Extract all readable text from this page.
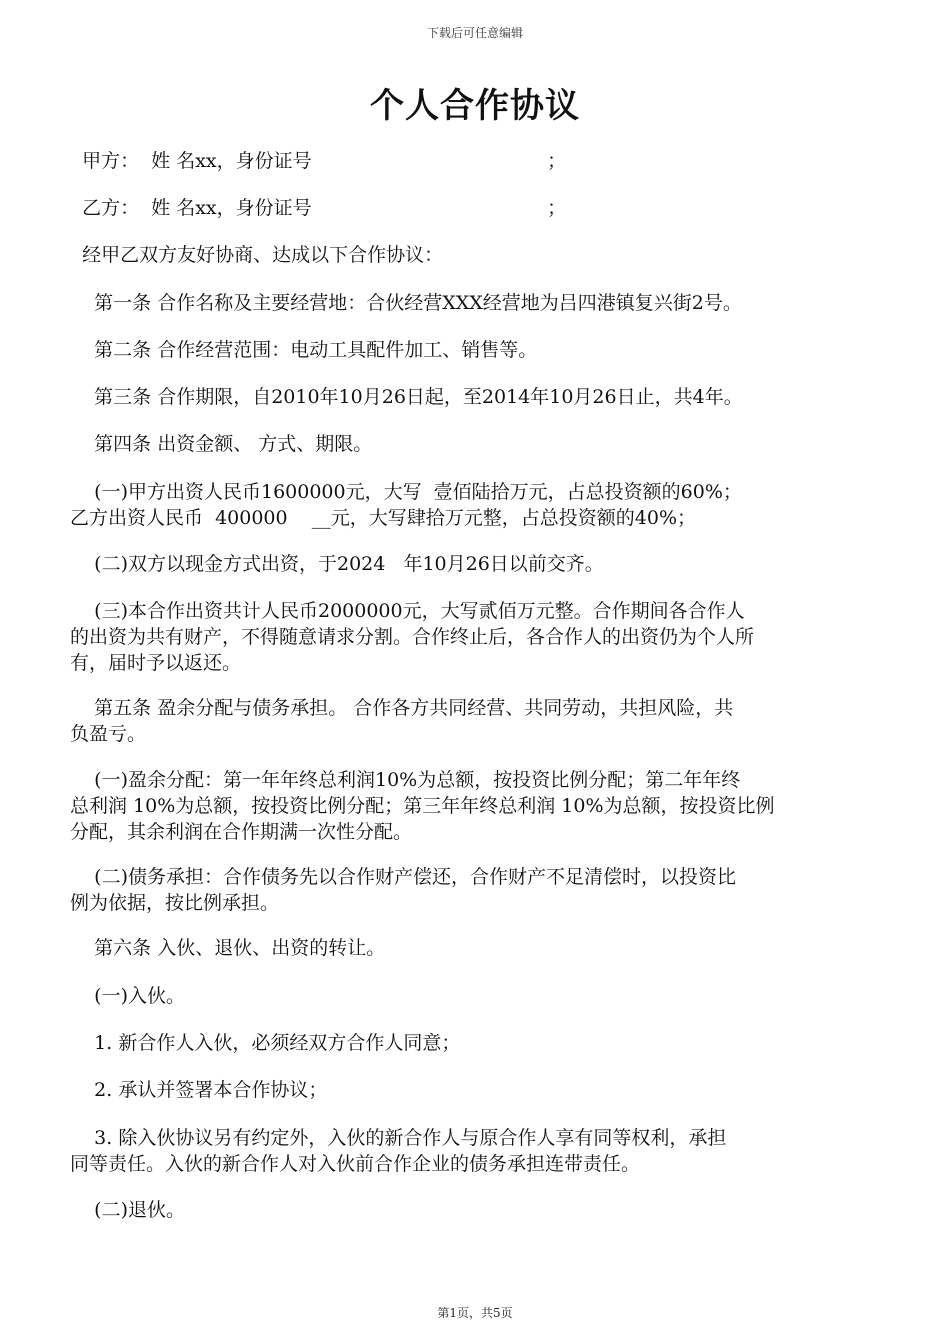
下载后可任意编辑
个人合作协议
甲方：  姓 名xx，身份证号                                       ；
乙方：  姓 名xx，身份证号                                       ；
经甲乙双方友好协商、达成以下合作协议：
第一条 合作名称及主要经营地：合伙经营XXX经营地为吕四港镇复兴街2号。
第二条 合作经营范围：电动工具配件加工、销售等。
第三条 合作期限，自2010年10月26日起，至2014年10月26日止，共4年。
第四条 出资金额、 方式、期限。
(一)甲方出资人民币1600000元，大写  壹佰陆拾万元，占总投资额的60%；
乙方出资人民币  400000    __元，大写肆拾万元整，占总投资额的40%；
(二)双方以现金方式出资，于2024   年10月26日以前交齐。
(三)本合作出资共计人民币2000000元，大写贰佰万元整。合作期间各合作人
的出资为共有财产，不得随意请求分割。合作终止后，各合作人的出资仍为个人所
有，届时予以返还。
第五条 盈余分配与债务承担。 合作各方共同经营、共同劳动，共担风险，共
负盈亏。
(一)盈余分配：第一年年终总利润10%为总额，按投资比例分配；第二年年终
总利润 10%为总额，按投资比例分配；第三年年终总利润 10%为总额，按投资比例
分配，其余利润在合作期满一次性分配。
(二)债务承担：合作债务先以合作财产偿还，合作财产不足清偿时，以投资比
例为依据，按比例承担。
第六条 入伙、退伙、出资的转让。
(一)入伙。
1. 新合作人入伙，必须经双方合作人同意；
2. 承认并签署本合作协议；
3. 除入伙协议另有约定外，入伙的新合作人与原合作人享有同等权利，承担
同等责任。入伙的新合作人对入伙前合作企业的债务承担连带责任。
(二)退伙。
第1页，共5页
